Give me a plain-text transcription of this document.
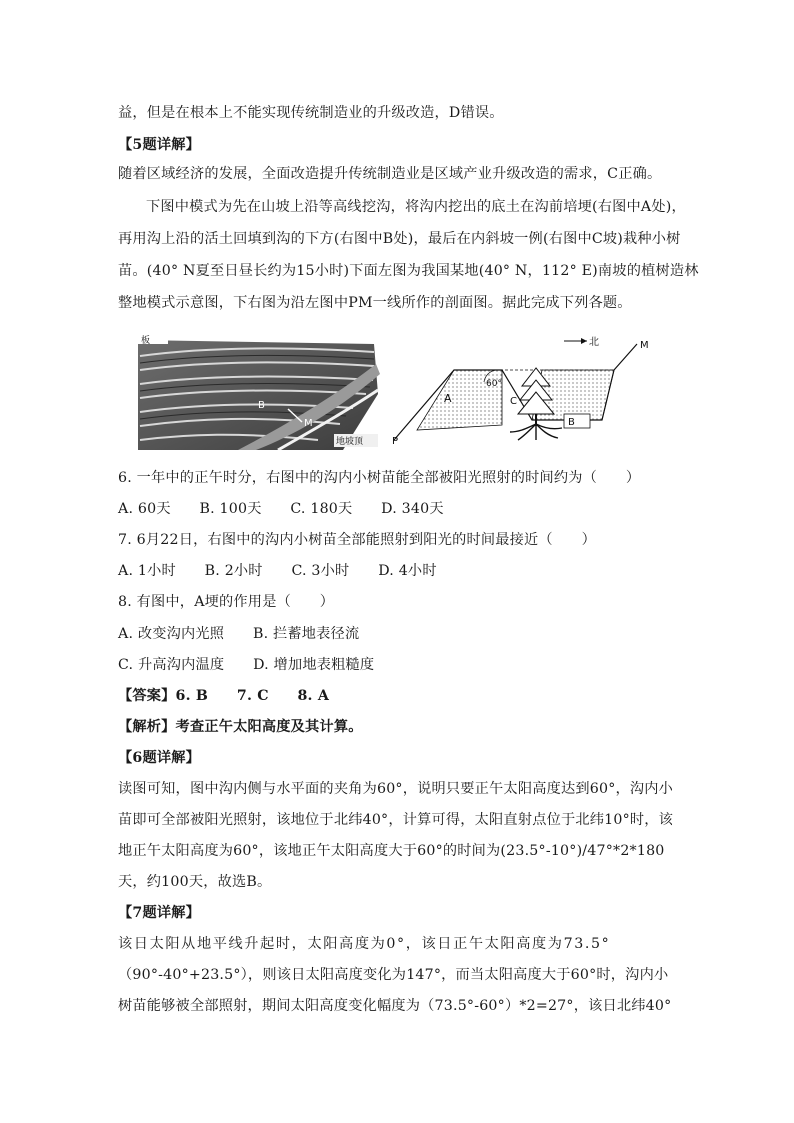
益，但是在根本上不能实现传统制造业的升级改造，D错误。
【5题详解】
随着区域经济的发展，全面改造提升传统制造业是区域产业升级改造的需求，C正确。
下图中模式为先在山坡上沿等高线挖沟，将沟内挖出的底土在沟前培埂(右图中A处)，
再用沟上沿的活土回填到沟的下方(右图中B处)，最后在内斜坡一例(右图中C坡)栽种小树
苗。(40° N夏至日昼长约为15小时)下面左图为我国某地(40° N，112° E)南坡的植树造林
整地模式示意图，下右图为沿左图中PM一线所作的剖面图。据此完成下列各题。
板
B
M
地坡顶
北
B
A	C
60°
M
P
6. 一年中的正午时分，右图中的沟内小树苗能全部被阳光照射的时间约为（　　）
A. 60天　　B. 100天　　C. 180天　　D. 340天
7. 6月22日，右图中的沟内小树苗全部能照射到阳光的时间最接近（　　）
A. 1小时　　B. 2小时　　C. 3小时　　D. 4小时
8. 有图中，A埂的作用是（　　）
A. 改变沟内光照　　B. 拦蓄地表径流
C. 升高沟内温度　　D. 增加地表粗糙度
【答案】6. B　　7. C　　8. A
【解析】考查正午太阳高度及其计算。
【6题详解】
读图可知，图中沟内侧与水平面的夹角为60°，说明只要正午太阳高度达到60°，沟内小
苗即可全部被阳光照射，该地位于北纬40°，计算可得，太阳直射点位于北纬10°时，该
地正午太阳高度为60°，该地正午太阳高度大于60°的时间为(23.5°-10°)/47°*2*180
天，约100天，故选B。
【7题详解】
该日太阳从地平线升起时，太阳高度为0°，该日正午太阳高度为73.5°
（90°-40°+23.5°），则该日太阳高度变化为147°，而当太阳高度大于60°时，沟内小
树苗能够被全部照射，期间太阳高度变化幅度为（73.5°-60°）*2=27°，该日北纬40°
